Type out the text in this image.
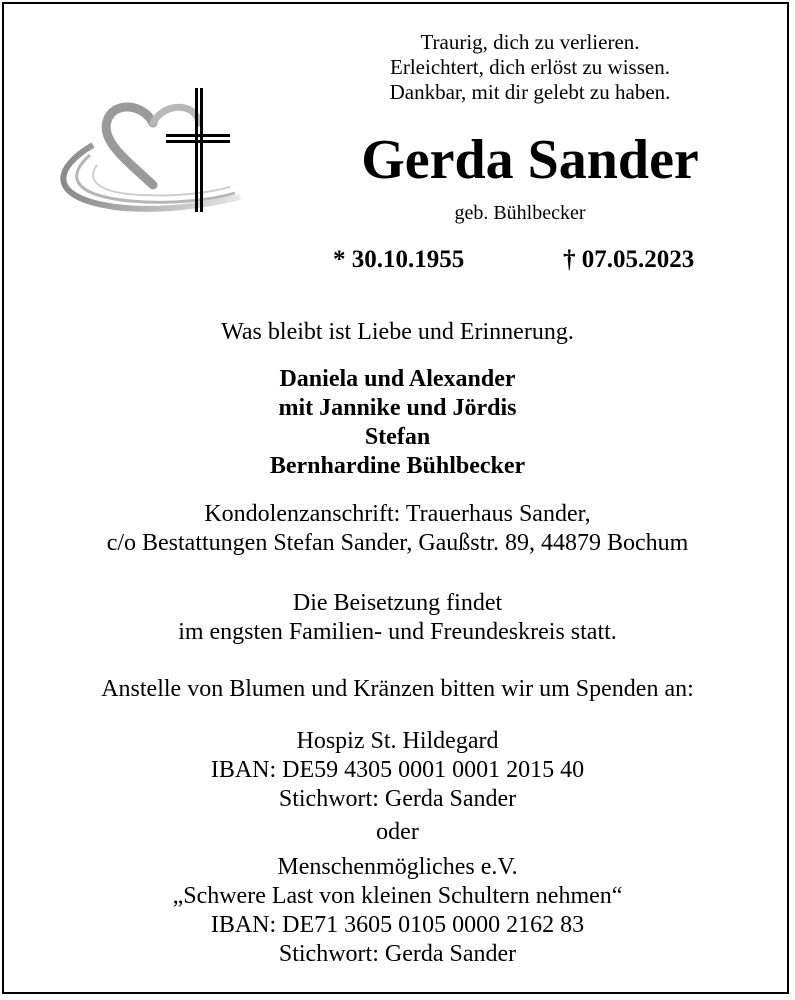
Traurig, dich zu verlieren.
Erleichtert, dich erlöst zu wissen.
Dankbar, mit dir gelebt zu haben.
Gerda Sander
geb. Bühlbecker
* 30.10.1955	† 07.05.2023
Was bleibt ist Liebe und Erinnerung.
Daniela und Alexander
mit Jannike und Jördis
Stefan
Bernhardine Bühlbecker
Kondolenzanschrift: Trauerhaus Sander,
c/o Bestattungen Stefan Sander, Gaußstr. 89, 44879 Bochum
Die Beisetzung findet
im engsten Familien- und Freundeskreis statt.
Anstelle von Blumen und Kränzen bitten wir um Spenden an:
Hospiz St. Hildegard
IBAN: DE59 4305 0001 0001 2015 40
Stichwort: Gerda Sander
oder
Menschenmögliches e.V.
„Schwere Last von kleinen Schultern nehmen“
IBAN: DE71 3605 0105 0000 2162 83
Stichwort: Gerda Sander
